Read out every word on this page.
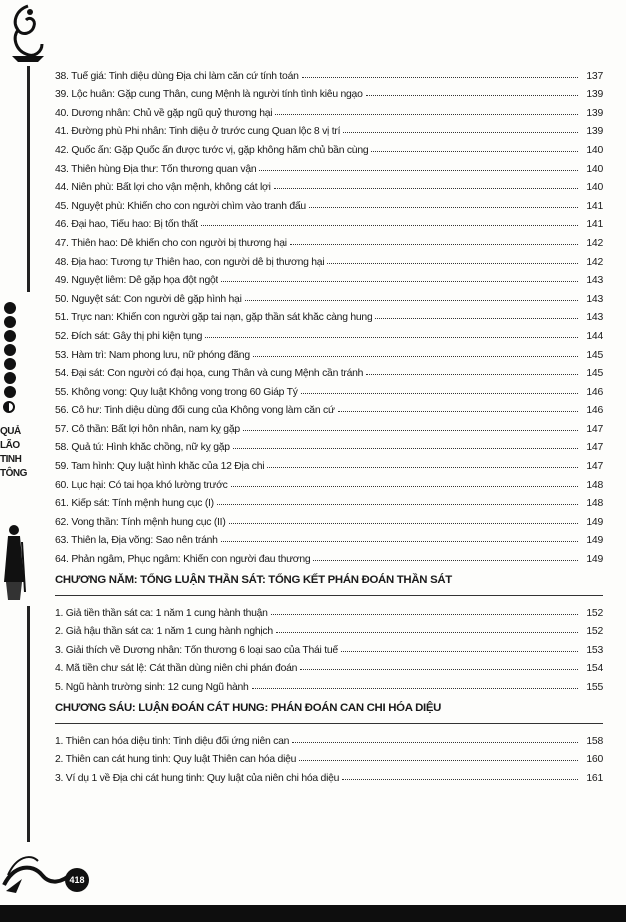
QUẢ
LÃO
TINH
TÔNG
418
38. Tuế giá: Tinh diệu dùng Địa chi làm căn cứ tính toán	137
39. Lộc huân: Gặp cung Thân, cung Mệnh là người tính tình kiêu ngạo	139
40. Dương nhẫn: Chủ về gặp ngũ quỷ thương hại	139
41. Đường phù Phi nhẫn: Tinh diệu ở trước cung Quan lộc 8 vị trí	139
42. Quốc ấn: Gặp Quốc ấn được tước vị, gặp không hãm chủ bần cùng	140
43. Thiên hùng Địa thư: Tổn thương quan vận	140
44. Niên phù: Bất lợi cho vận mệnh, không cát lợi	140
45. Nguyệt phù: Khiến cho con người chìm vào tranh đấu	141
46. Đại hao, Tiểu hao: Bị tổn thất	141
47. Thiên hao: Dễ khiến cho con người bị thương hại	142
48. Địa hao: Tương tự Thiên hao, con người dễ bị thương hại	142
49. Nguyệt liêm: Dễ gặp họa đột ngột	143
50. Nguyệt sát: Con người dễ gặp hình hại	143
51. Trực nan: Khiến con người gặp tai nạn, gặp thần sát khắc càng hung	143
52. Đích sát: Gây thị phi kiện tụng	144
53. Hàm trì: Nam phong lưu, nữ phóng đãng	145
54. Đại sát: Con người có đại họa, cung Thân và cung Mệnh cần tránh	145
55. Không vong: Quy luật Không vong trong 60 Giáp Tý	146
56. Cô hư: Tinh diệu dùng đối cung của Không vong làm căn cứ	146
57. Cô thần: Bất lợi hôn nhân, nam kỵ gặp	147
58. Quả tú: Hình khắc chồng, nữ kỵ gặp	147
59. Tam hình: Quy luật hình khắc của 12 Địa chi	147
60. Lục hại: Có tai họa khó lường trước	148
61. Kiếp sát: Tính mệnh hung cục (I)	148
62. Vong thần: Tính mệnh hung cục (II)	149
63. Thiên la, Địa võng: Sao nên tránh	149
64. Phản ngâm, Phục ngâm: Khiến con người đau thương	149
CHƯƠNG NĂM: TỔNG LUẬN THẦN SÁT: TỔNG KẾT PHÁN ĐOÁN THẦN SÁT
1. Giả tiền thần sát ca: 1 năm 1 cung hành thuận	152
2. Giả hậu thần sát ca: 1 năm 1 cung hành nghịch	152
3. Giải thích về Dương nhẫn: Tổn thương 6 loại sao của Thái tuế	153
4. Mã tiền chư sát lệ: Cát thần dùng niên chi phán đoán	154
5. Ngũ hành trường sinh: 12 cung Ngũ hành	155
CHƯƠNG SÁU: LUẬN ĐOÁN CÁT HUNG: PHÁN ĐOÁN CAN CHI HÓA DIỆU
1. Thiên can hóa diệu tinh: Tinh diệu đối ứng niên can	158
2. Thiên can cát hung tinh: Quy luật Thiên can hóa diệu	160
3. Ví dụ 1 về Địa chi cát hung tinh: Quy luật của niên chi hóa diệu	161
